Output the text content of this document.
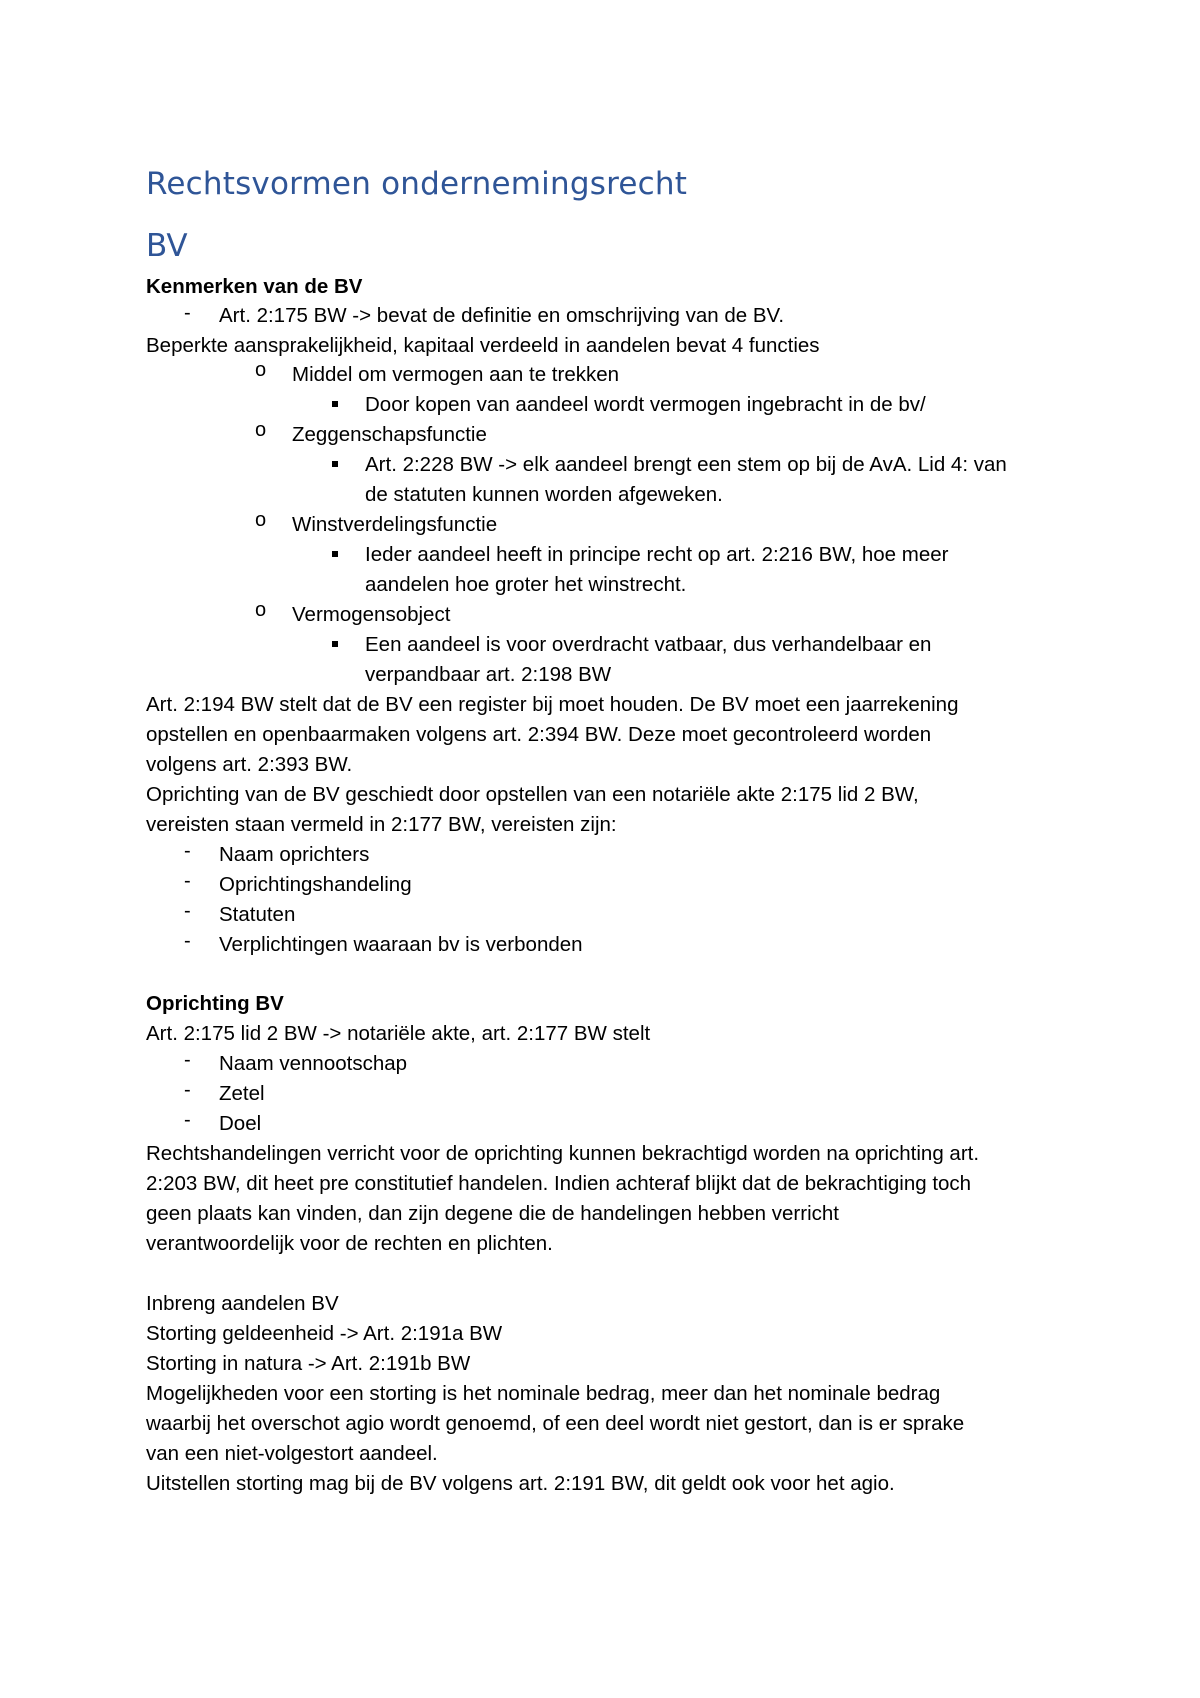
Rechtsvormen ondernemingsrecht
BV
Kenmerken van de BV
- Art. 2:175 BW -> bevat de definitie en omschrijving van de BV.
Beperkte aansprakelijkheid, kapitaal verdeeld in aandelen bevat 4 functies
o Middel om vermogen aan te trekken
Door kopen van aandeel wordt vermogen ingebracht in de bv/
o Zeggenschapsfunctie
Art. 2:228 BW -> elk aandeel brengt een stem op bij de AvA. Lid 4: van
de statuten kunnen worden afgeweken.
o Winstverdelingsfunctie
Ieder aandeel heeft in principe recht op art. 2:216 BW, hoe meer
aandelen hoe groter het winstrecht.
o Vermogensobject
Een aandeel is voor overdracht vatbaar, dus verhandelbaar en
verpandbaar art. 2:198 BW
Art. 2:194 BW stelt dat de BV een register bij moet houden. De BV moet een jaarrekening
opstellen en openbaarmaken volgens art. 2:394 BW. Deze moet gecontroleerd worden
volgens art. 2:393 BW.
Oprichting van de BV geschiedt door opstellen van een notariële akte 2:175 lid 2 BW,
vereisten staan vermeld in 2:177 BW, vereisten zijn:
- Naam oprichters
- Oprichtingshandeling
- Statuten
- Verplichtingen waaraan bv is verbonden
Oprichting BV
Art. 2:175 lid 2 BW -> notariële akte, art. 2:177 BW stelt
- Naam vennootschap
- Zetel
- Doel
Rechtshandelingen verricht voor de oprichting kunnen bekrachtigd worden na oprichting art.
2:203 BW, dit heet pre constitutief handelen. Indien achteraf blijkt dat de bekrachtiging toch
geen plaats kan vinden, dan zijn degene die de handelingen hebben verricht
verantwoordelijk voor de rechten en plichten.
Inbreng aandelen BV
Storting geldeenheid -> Art. 2:191a BW
Storting in natura -> Art. 2:191b BW
Mogelijkheden voor een storting is het nominale bedrag, meer dan het nominale bedrag
waarbij het overschot agio wordt genoemd, of een deel wordt niet gestort, dan is er sprake
van een niet-volgestort aandeel.
Uitstellen storting mag bij de BV volgens art. 2:191 BW, dit geldt ook voor het agio.
